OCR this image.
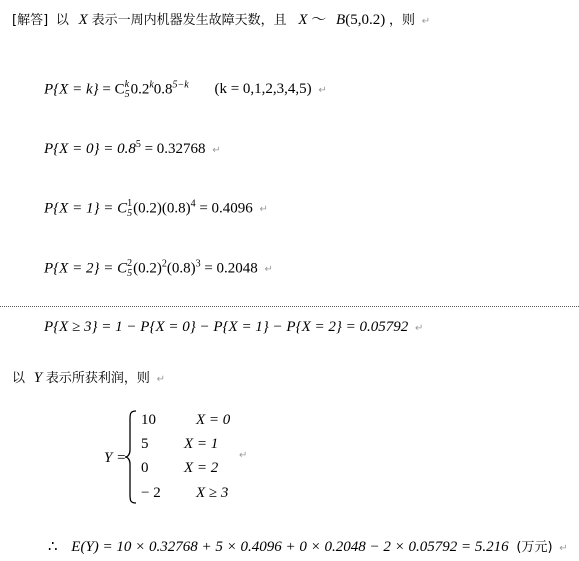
[解答] 以 X 表示一周内机器发生故障天数，且 X ～ B(5,0.2) ，则 ↵
P{X = k} = C k
5 $0.2^k0.8^{5-k}$ (k = 0,1,2,3,4,5) ↵
$P\{X = 0\} = 0.8^5 = 0.32768$ ↵
P{X = 1} = C 1
5 $(0.2)(0.8)^4 = 0.4096$ ↵
P{X = 2} = C 2
5 $(0.2)^2(0.8)^3 = 0.2048$ ↵
P{X ≥ 3} = 1 − P{X = 0} − P{X = 1} − P{X = 2} = 0.05792 ↵
以 Y 表示所获利润，则 ↵
Y =
10	X = 0
5 X = 1
0 X = 2
↵
− 2 X ≥ 3
∴ E(Y) = 10 × 0.32768 + 5 × 0.4096 + 0 × 0.2048 − 2 × 0.05792 = 5.216 (万元) ↵
